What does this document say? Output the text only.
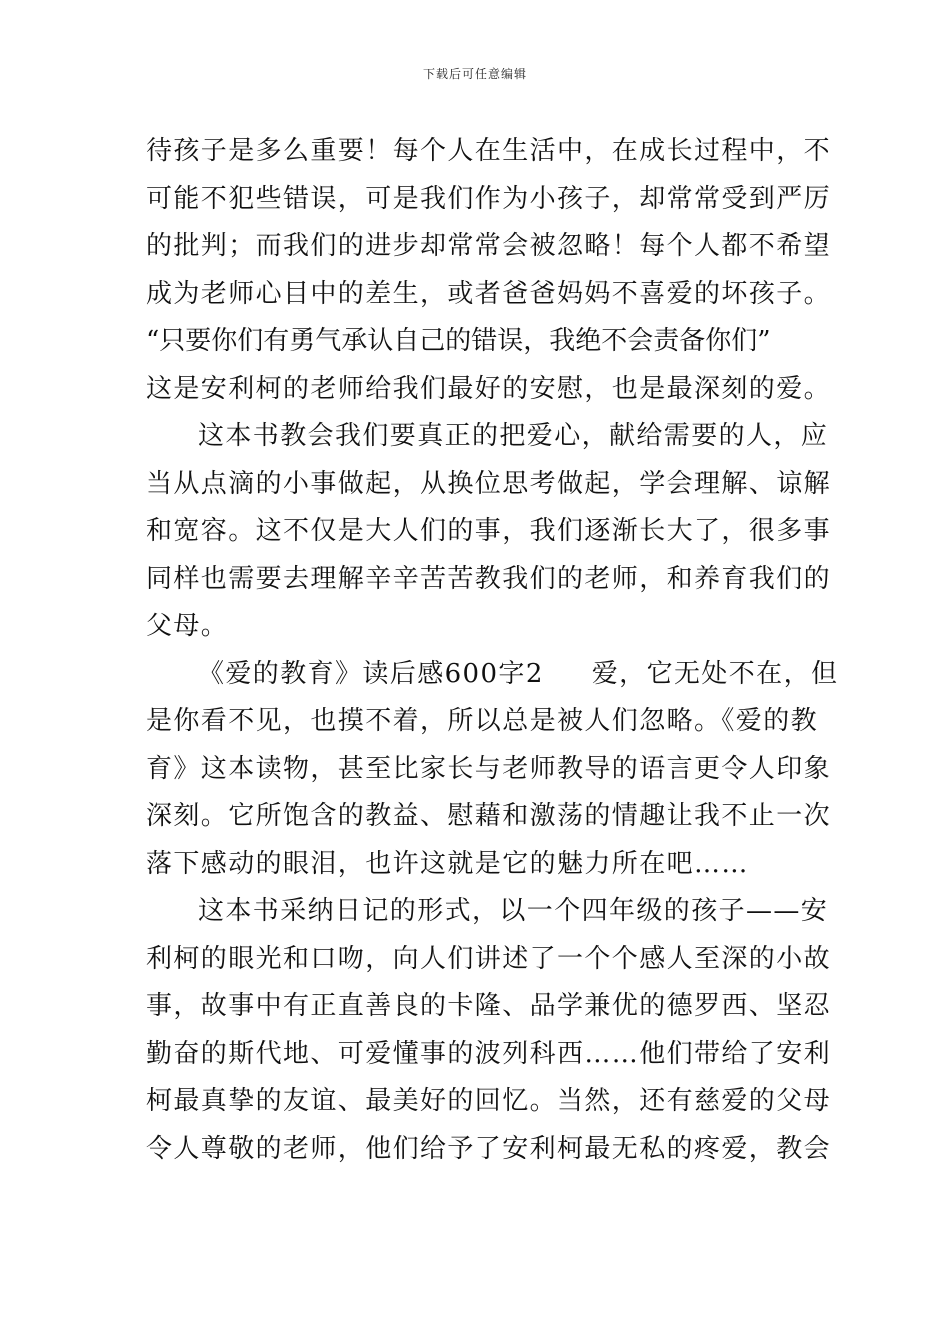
下载后可任意编辑
待孩子是多么重要！每个人在生活中，在成长过程中，不
可能不犯些错误，可是我们作为小孩子，却常常受到严厉
的批判；而我们的进步却常常会被忽略！每个人都不希望
成为老师心目中的差生，或者爸爸妈妈不喜爱的坏孩子。
“只要你们有勇气承认自己的错误，我绝不会责备你们”
这是安利柯的老师给我们最好的安慰，也是最深刻的爱。
这本书教会我们要真正的把爱心，献给需要的人，应
当从点滴的小事做起，从换位思考做起，学会理解、谅解
和宽容。这不仅是大人们的事，我们逐渐长大了，很多事
同样也需要去理解辛辛苦苦教我们的老师，和养育我们的
父母。
《爱的教育》读后感600字2 爱，它无处不在，但
是你看不见，也摸不着，所以总是被人们忽略。《爱的教
育》这本读物，甚至比家长与老师教导的语言更令人印象
深刻。它所饱含的教益、慰藉和激荡的情趣让我不止一次
落下感动的眼泪，也许这就是它的魅力所在吧……
这本书采纳日记的形式，以一个四年级的孩子——安
利柯的眼光和口吻，向人们讲述了一个个感人至深的小故
事，故事中有正直善良的卡隆、品学兼优的德罗西、坚忍
勤奋的斯代地、可爱懂事的波列科西……他们带给了安利
柯最真挚的友谊、最美好的回忆。当然，还有慈爱的父母
令人尊敬的老师，他们给予了安利柯最无私的疼爱，教会
